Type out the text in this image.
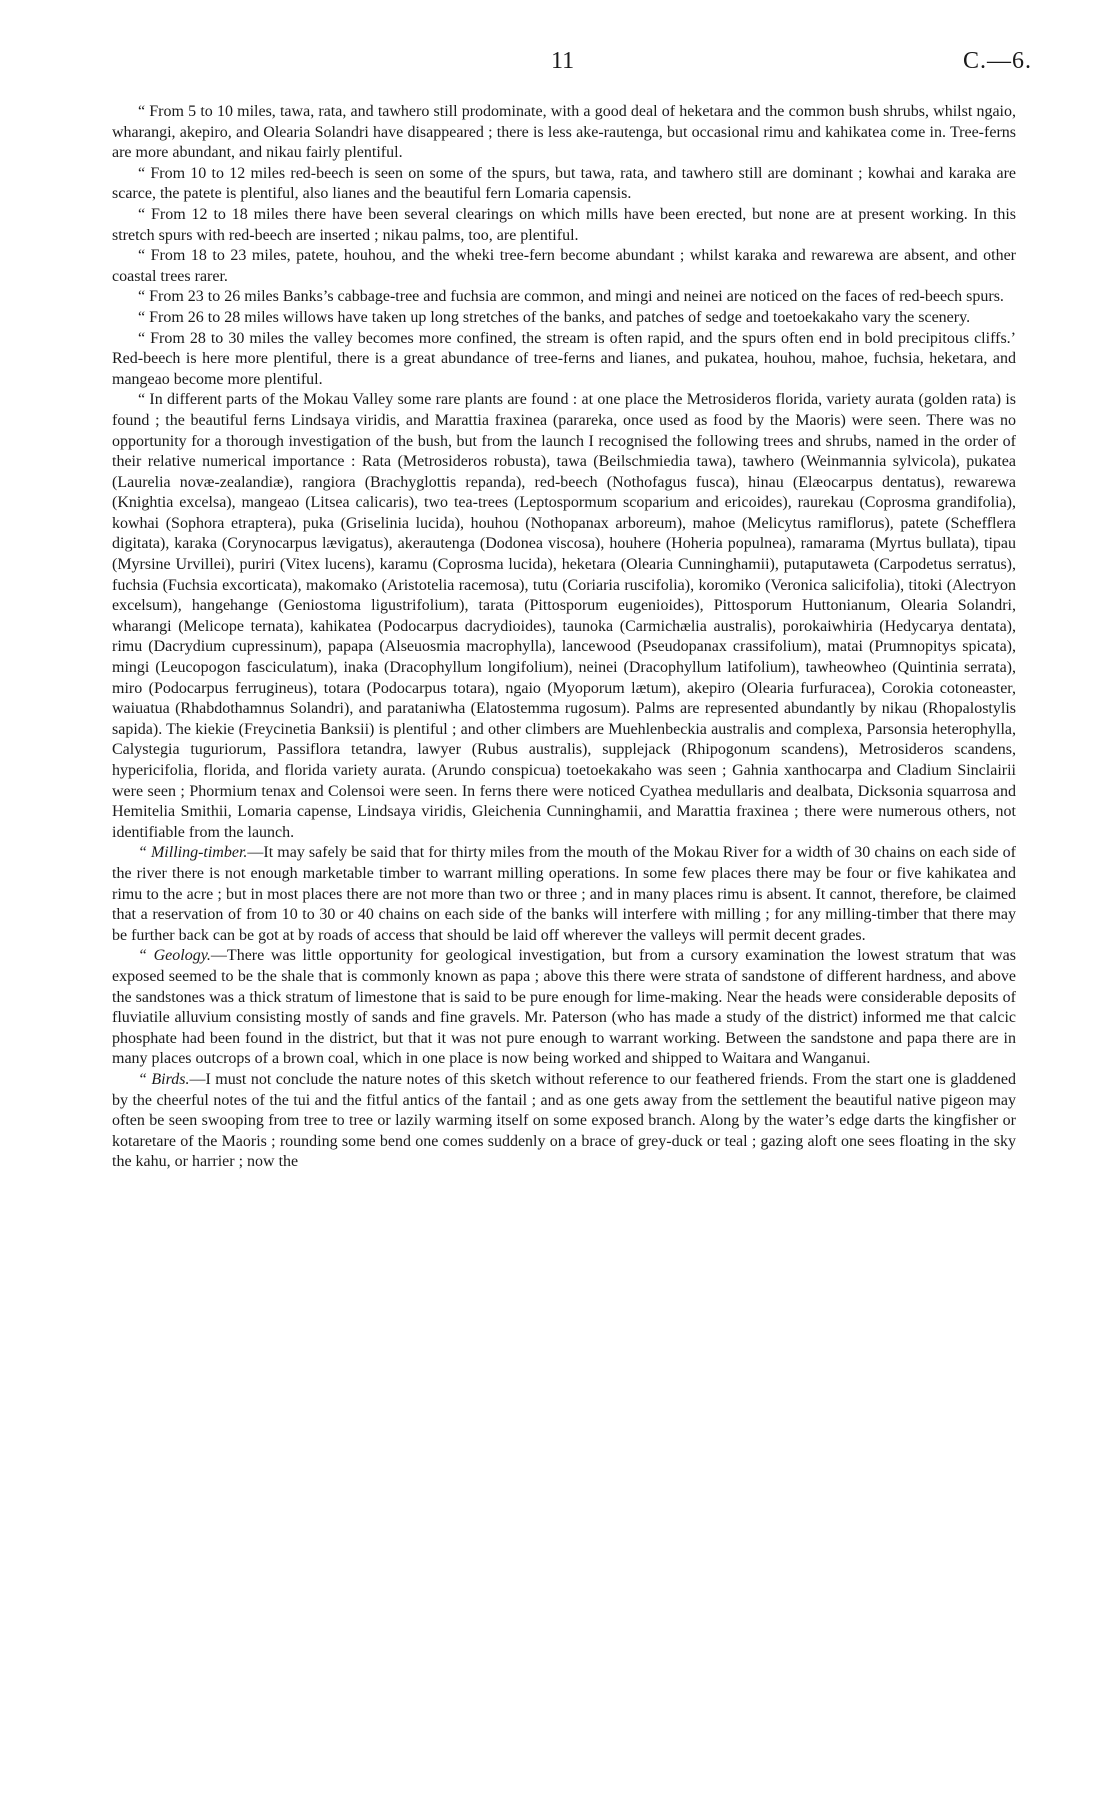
11	C.—6.

“ From 5 to 10 miles, tawa, rata, and tawhero still prodominate, with a good deal of heketara and the common bush shrubs, whilst ngaio, wharangi, akepiro, and Olearia Solandri have disappeared ; there is less ake-rautenga, but occasional rimu and kahikatea come in. Tree-ferns are more abundant, and nikau fairly plentiful.

“ From 10 to 12 miles red-beech is seen on some of the spurs, but tawa, rata, and tawhero still are dominant ; kowhai and karaka are scarce, the patete is plentiful, also lianes and the beautiful fern Lomaria capensis.

“ From 12 to 18 miles there have been several clearings on which mills have been erected, but none are at present working. In this stretch spurs with red-beech are inserted ; nikau palms, too, are plentiful.

“ From 18 to 23 miles, patete, houhou, and the wheki tree-fern become abundant ; whilst karaka and rewarewa are absent, and other coastal trees rarer.

“ From 23 to 26 miles Banks’s cabbage-tree and fuchsia are common, and mingi and neinei are noticed on the faces of red-beech spurs.

“ From 26 to 28 miles willows have taken up long stretches of the banks, and patches of sedge and toetoekakaho vary the scenery.

“ From 28 to 30 miles the valley becomes more confined, the stream is often rapid, and the spurs often end in bold precipitous cliffs.’ Red-beech is here more plentiful, there is a great abundance of tree-ferns and lianes, and pukatea, houhou, mahoe, fuchsia, heketara, and mangeao become more plentiful.

“ In different parts of the Mokau Valley some rare plants are found : at one place the Metrosideros florida, variety aurata (golden rata) is found ; the beautiful ferns Lindsaya viridis, and Marattia fraxinea (parareka, once used as food by the Maoris) were seen. There was no opportunity for a thorough investigation of the bush, but from the launch I recognised the following trees and shrubs, named in the order of their relative numerical importance : Rata (Metrosideros robusta), tawa (Beilschmiedia tawa), tawhero (Weinmannia sylvicola), pukatea (Laurelia novæ-zealandiæ), rangiora (Brachyglottis repanda), red-beech (Nothofagus fusca), hinau (Elæocarpus dentatus), rewarewa (Knightia excelsa), mangeao (Litsea calicaris), two tea-trees (Leptospormum scoparium and ericoides), raurekau (Coprosma grandifolia), kowhai (Sophora etraptera), puka (Griselinia lucida), houhou (Nothopanax arboreum), mahoe (Melicytus ramiflorus), patete (Schefflera digitata), karaka (Corynocarpus lævigatus), akerautenga (Dodonea viscosa), houhere (Hoheria populnea), ramarama (Myrtus bullata), tipau (Myrsine Urvillei), puriri (Vitex lucens), karamu (Coprosma lucida), heketara (Olearia Cunninghamii), putaputaweta (Carpodetus serratus), fuchsia (Fuchsia excorticata), makomako (Aristotelia racemosa), tutu (Coriaria ruscifolia), koromiko (Veronica salicifolia), titoki (Alectryon excelsum), hangehange (Geniostoma ligustrifolium), tarata (Pittosporum eugenioides), Pittosporum Huttonianum, Olearia Solandri, wharangi (Melicope ternata), kahikatea (Podocarpus dacrydioides), taunoka (Carmichælia australis), porokaiwhiria (Hedycarya dentata), rimu (Dacrydium cupressinum), papapa (Alseuosmia macrophylla), lancewood (Pseudopanax crassifolium), matai (Prumnopitys spicata), mingi (Leucopogon fasciculatum), inaka (Dracophyllum longifolium), neinei (Dracophyllum latifolium), tawheowheo (Quintinia serrata), miro (Podocarpus ferrugineus), totara (Podocarpus totara), ngaio (Myoporum lætum), akepiro (Olearia furfuracea), Corokia cotoneaster, waiuatua (Rhabdothamnus Solandri), and parataniwha (Elatostemma rugosum). Palms are represented abundantly by nikau (Rhopalostylis sapida). The kiekie (Freycinetia Banksii) is plentiful ; and other climbers are Muehlenbeckia australis and complexa, Parsonsia heterophylla, Calystegia tuguriorum, Passiflora tetandra, lawyer (Rubus australis), supplejack (Rhipogonum scandens), Metrosideros scandens, hypericifolia, florida, and florida variety aurata. (Arundo conspicua) toetoekakaho was seen ; Gahnia xanthocarpa and Cladium Sinclairii were seen ; Phormium tenax and Colensoi were seen. In ferns there were noticed Cyathea medullaris and dealbata, Dicksonia squarrosa and Hemitelia Smithii, Lomaria capense, Lindsaya viridis, Gleichenia Cunninghamii, and Marattia fraxinea ; there were numerous others, not identifiable from the launch.

“ Milling-timber.—It may safely be said that for thirty miles from the mouth of the Mokau River for a width of 30 chains on each side of the river there is not enough marketable timber to warrant milling operations. In some few places there may be four or five kahikatea and rimu to the acre ; but in most places there are not more than two or three ; and in many places rimu is absent. It cannot, therefore, be claimed that a reservation of from 10 to 30 or 40 chains on each side of the banks will interfere with milling ; for any milling-timber that there may be further back can be got at by roads of access that should be laid off wherever the valleys will permit decent grades.

“ Geology.—There was little opportunity for geological investigation, but from a cursory examination the lowest stratum that was exposed seemed to be the shale that is commonly known as papa ; above this there were strata of sandstone of different hardness, and above the sandstones was a thick stratum of limestone that is said to be pure enough for lime-making. Near the heads were considerable deposits of fluviatile alluvium consisting mostly of sands and fine gravels. Mr. Paterson (who has made a study of the district) informed me that calcic phosphate had been found in the district, but that it was not pure enough to warrant working. Between the sandstone and papa there are in many places outcrops of a brown coal, which in one place is now being worked and shipped to Waitara and Wanganui.

“ Birds.—I must not conclude the nature notes of this sketch without reference to our feathered friends. From the start one is gladdened by the cheerful notes of the tui and the fitful antics of the fantail ; and as one gets away from the settlement the beautiful native pigeon may often be seen swooping from tree to tree or lazily warming itself on some exposed branch. Along by the water’s edge darts the kingfisher or kotaretare of the Maoris ; rounding some bend one comes suddenly on a brace of grey-duck or teal ; gazing aloft one sees floating in the sky the kahu, or harrier ; now the
